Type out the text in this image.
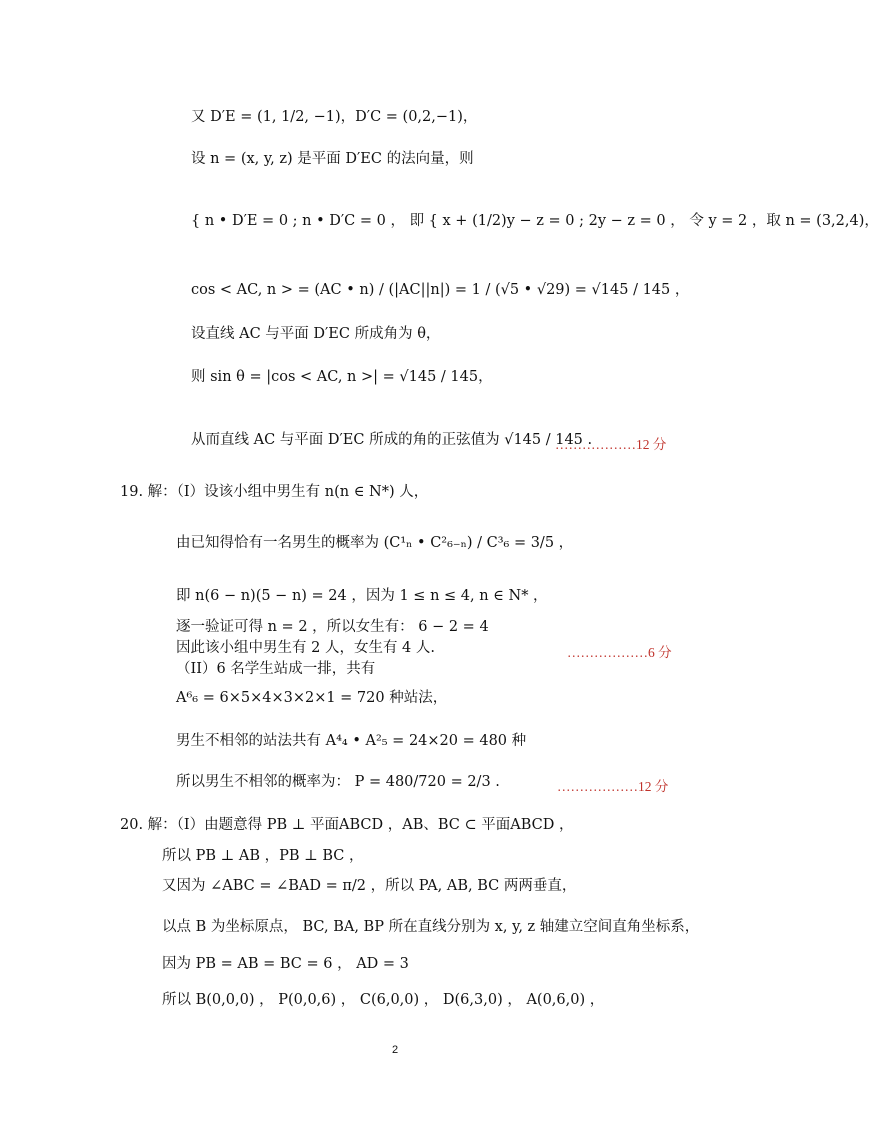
又 D′E = (1, 1/2, −1)，D′C = (0,2,−1)，
设 n = (x, y, z) 是平面 D′EC 的法向量，则
{ n • D′E = 0 ; n • D′C = 0 ， 即 { x + (1/2)y − z = 0 ; 2y − z = 0 ， 令 y = 2 ，取 n = (3,2,4)，
cos < AC, n > = (AC • n) / (|AC||n|) = 1 / (√5 • √29) = √145 / 145 ，
设直线 AC 与平面 D′EC 所成角为 θ，
则 sin θ = |cos < AC, n >| = √145 / 145，
从而直线 AC 与平面 D′EC 所成的角的正弦值为 √145 / 145 .
………………12 分
19. 解：（I）设该小组中男生有 n(n ∈ N*) 人，
由已知得恰有一名男生的概率为 (C¹ₙ • C²₆₋ₙ) / C³₆ = 3/5 ，
即 n(6 − n)(5 − n) = 24 ，因为 1 ≤ n ≤ 4, n ∈ N* ，
逐一验证可得 n = 2 ，所以女生有： 6 − 2 = 4
因此该小组中男生有 2 人，女生有 4 人.	………………6 分
（II）6 名学生站成一排，共有
A⁶₆ = 6×5×4×3×2×1 = 720 种站法，
男生不相邻的站法共有 A⁴₄ • A²₅ = 24×20 = 480 种
所以男生不相邻的概率为： P = 480/720 = 2/3 .	………………12 分
20. 解：（I）由题意得 PB ⊥ 平面ABCD ，AB、BC ⊂ 平面ABCD ，
所以 PB ⊥ AB ，PB ⊥ BC ，
又因为 ∠ABC = ∠BAD = π/2 ，所以 PA, AB, BC 两两垂直，
以点 B 为坐标原点， BC, BA, BP 所在直线分别为 x, y, z 轴建立空间直角坐标系，
因为 PB = AB = BC = 6 ， AD = 3
所以 B(0,0,0) ， P(0,0,6) ， C(6,0,0) ， D(6,3,0) ， A(0,6,0) ，
2
